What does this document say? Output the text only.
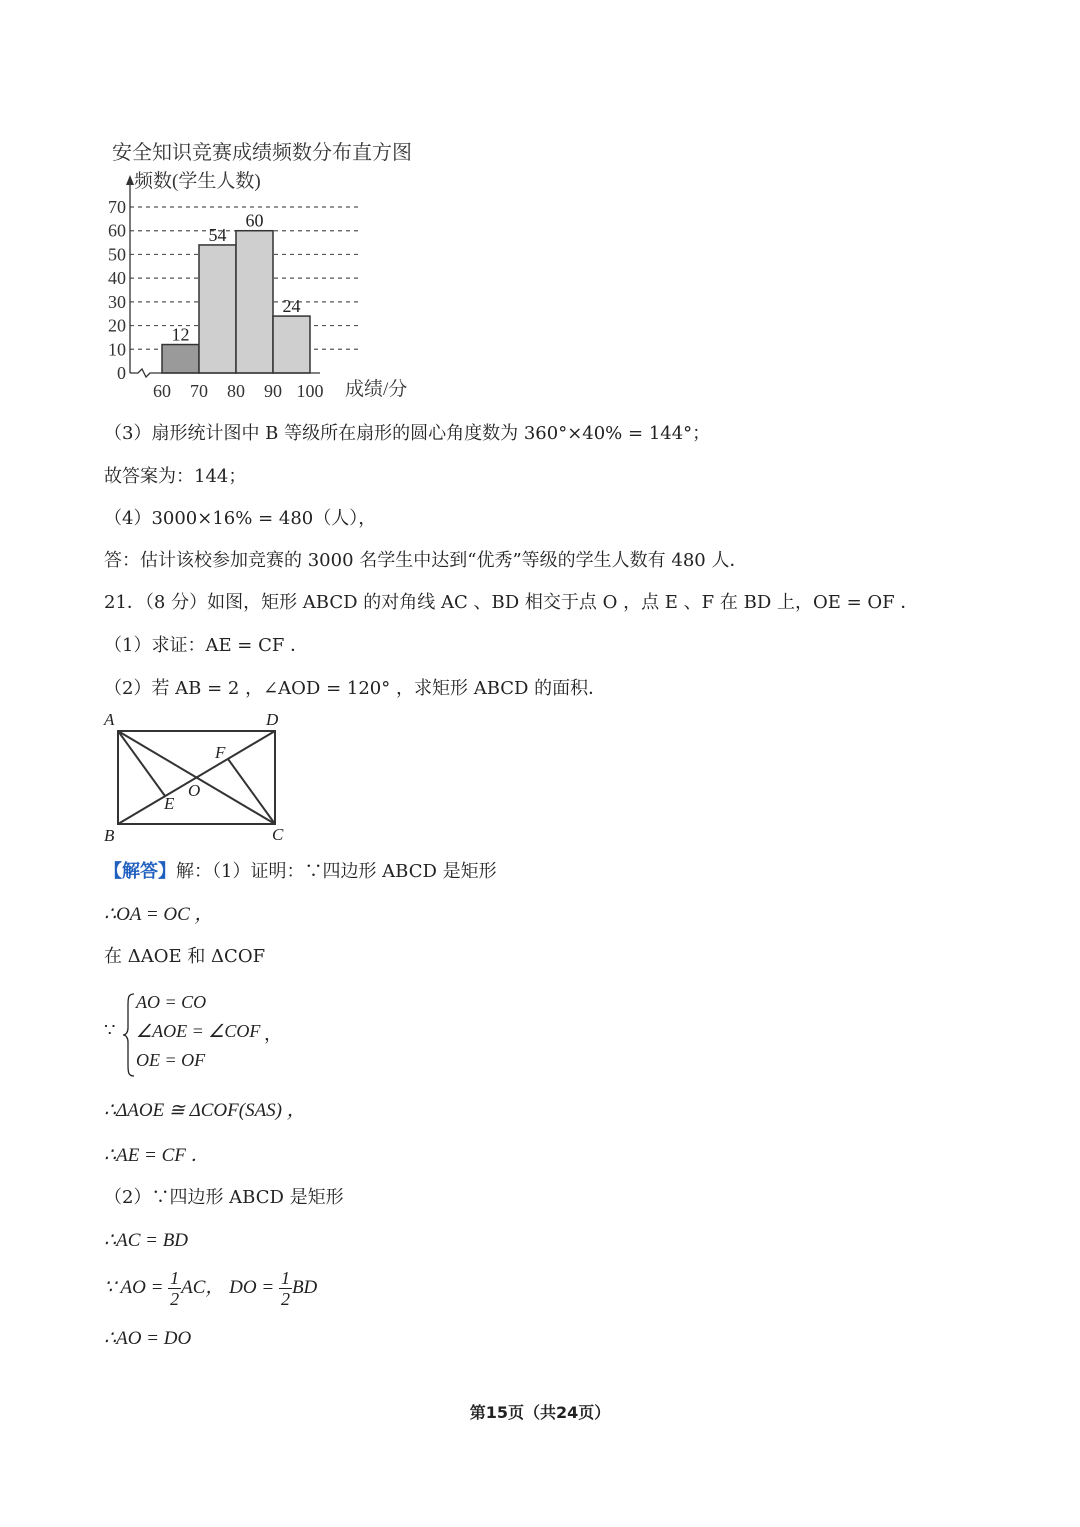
安全知识竞赛成绩频数分布直方图
频数(学生人数)
成绩/分
0
10
20
30
40
50
60
70
12
54
60
24
60 70 80 90 100
（3）扇形统计图中 B 等级所在扇形的圆心角度数为 360°×40% = 144°；
故答案为：144；
（4）3000×16% = 480（人），
答：估计该校参加竞赛的 3000 名学生中达到“优秀”等级的学生人数有 480 人．
21．（8 分）如图，矩形 ABCD 的对角线 AC 、BD 相交于点 O ，点 E 、F 在 BD 上，OE = OF ．
（1）求证：AE = CF ．
（2）若 AB = 2 ，∠AOD = 120° ，求矩形 ABCD 的面积．
A	D
B	C
F
O
E
【解答】解：（1）证明：∵四边形 ABCD 是矩形
∴OA = OC ，
在 ΔAOE 和 ΔCOF
∵
AO = CO
∠AOE = ∠COF
OE = OF
，
∴ΔAOE ≅ ΔCOF(SAS) ，
∴AE = CF ．
（2）∵四边形 ABCD 是矩形
∴AC = BD
∵ AO = $\frac{1}{2}$ AC， DO = $\frac{1}{2}$ BD
∴AO = DO
第15页（共24页）
